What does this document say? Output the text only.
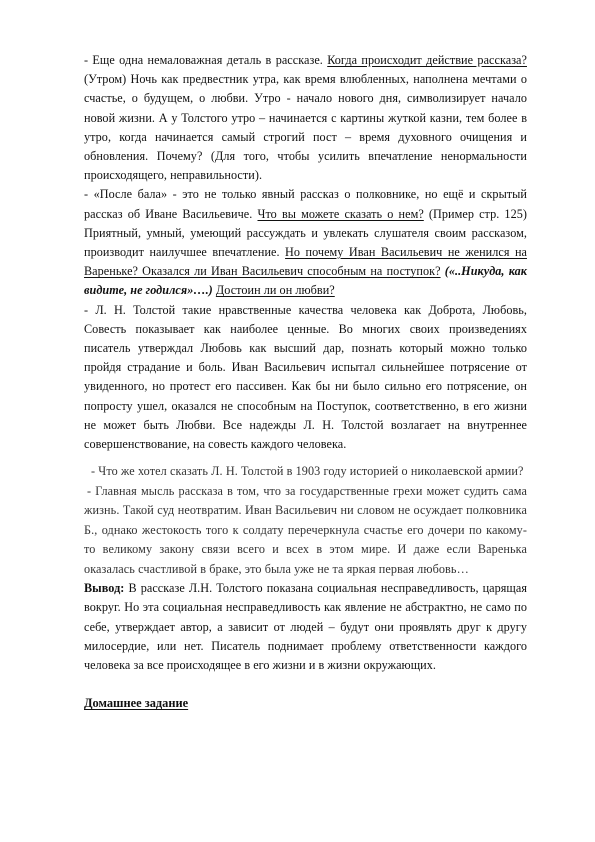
- Еще одна немаловажная деталь в рассказе. Когда происходит действие рассказа? (Утром) Ночь как предвестник утра, как время влюбленных, наполнена мечтами о счастье, о будущем, о любви. Утро - начало нового дня, символизирует начало новой жизни. А у Толстого утро – начинается с картины жуткой казни, тем более в утро, когда начинается самый строгий пост – время духовного очищения и обновления. Почему? (Для того, чтобы усилить впечатление ненормальности происходящего, неправильности).

- «После бала» - это не только явный рассказ о полковнике, но ещё и скрытый рассказ об Иване Васильевиче. Что вы можете сказать о нем? (Пример стр. 125) Приятный, умный, умеющий рассуждать и увлекать слушателя своим рассказом, производит наилучшее впечатление. Но почему Иван Васильевич не женился на Вареньке? Оказался ли Иван Васильевич способным на поступок? («..Никуда, как видите, не годился»….) Достоин ли он любви?

- Л. Н. Толстой такие нравственные качества человека как Доброта, Любовь, Совесть показывает как наиболее ценные. Во многих своих произведениях писатель утверждал Любовь как высший дар, познать который можно только пройдя страдание и боль. Иван Васильевич испытал сильнейшее потрясение от увиденного, но протест его пассивен. Как бы ни было сильно его потрясение, он попросту ушел, оказался не способным на Поступок, соответственно, в его жизни не может быть Любви. Все надежды Л. Н. Толстой возлагает на внутреннее совершенствование, на совесть каждого человека.

- Что же хотел сказать Л. Н. Толстой в 1903 году историей о николаевской армии?

- Главная мысль рассказа в том, что за государственные грехи может судить сама жизнь. Такой суд неотвратим. Иван Васильевич ни словом не осуждает полковника Б., однако жестокость того к солдату перечеркнула счастье его дочери по какому- то великому закону связи всего и всех в этом мире. И даже если Варенька оказалась счастливой в браке, это была уже не та яркая первая любовь…

Вывод: В рассказе Л.Н. Толстого показана социальная несправедливость, царящая вокруг. Но эта социальная несправедливость как явление не абстрактно, не само по себе, утверждает автор, а зависит от людей – будут они проявлять друг к другу милосердие, или нет. Писатель поднимает проблему ответственности каждого человека за все происходящее в его жизни и в жизни окружающих.

Домашнее задание
